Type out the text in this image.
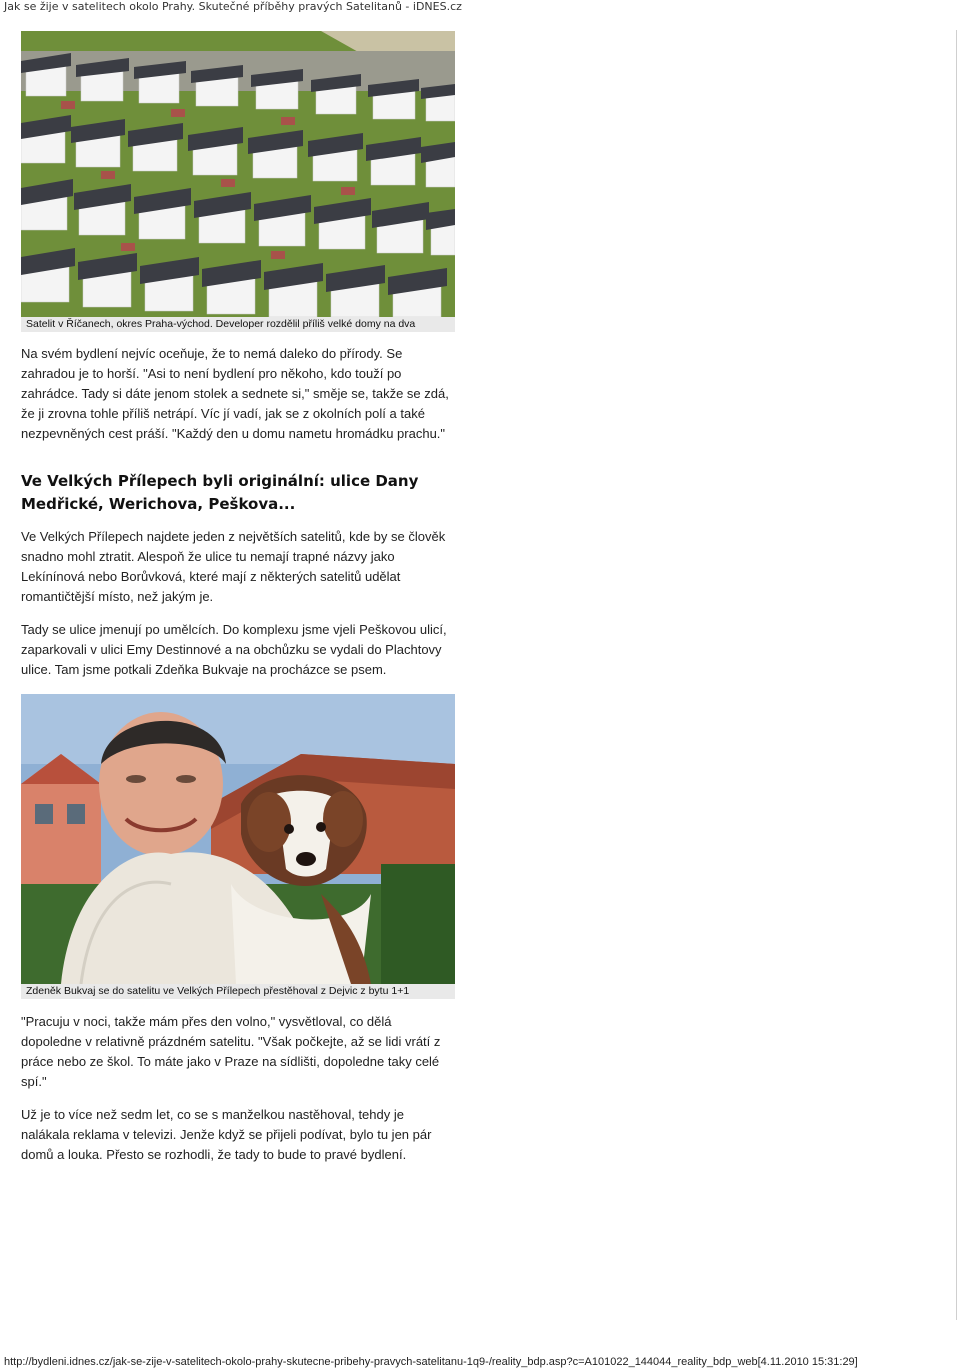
Jak se žije v satelitech okolo Prahy. Skutečné příběhy pravých Satelitanů - iDNES.cz
Satelit v Říčanech, okres Praha-východ. Developer rozdělil příliš velké domy na dva

Na svém bydlení nejvíc oceňuje, že to nemá daleko do přírody. Se zahradou je to horší. "Asi to není bydlení pro někoho, kdo touží po zahrádce. Tady si dáte jenom stolek a sednete si," směje se, takže se zdá, že ji zrovna tohle příliš netrápí. Víc jí vadí, jak se z okolních polí a také nezpevněných cest práší. "Každý den u domu nametu hromádku prachu."

Ve Velkých Přílepech byli originální: ulice Dany Medřické, Werichova, Peškova...

Ve Velkých Přílepech najdete jeden z největších satelitů, kde by se člověk snadno mohl ztratit. Alespoň že ulice tu nemají trapné názvy jako Lekínínová nebo Borůvková, které mají z některých satelitů udělat romantičtější místo, než jakým je.

Tady se ulice jmenují po umělcích. Do komplexu jsme vjeli Peškovou ulicí, zaparkovali v ulici Emy Destinnové a na obchůzku se vydali do Plachtovy ulice. Tam jsme potkali Zdeňka Bukvaje na procházce se psem.

Zdeněk Bukvaj se do satelitu ve Velkých Přílepech přestěhoval z Dejvic z bytu 1+1

"Pracuju v noci, takže mám přes den volno," vysvětloval, co dělá dopoledne v relativně prázdném satelitu. "Však počkejte, až se lidi vrátí z práce nebo ze škol. To máte jako v Praze na sídlišti, dopoledne taky celé spí."

Už je to více než sedm let, co se s manželkou nastěhoval, tehdy je nalákala reklama v televizi. Jenže když se přijeli podívat, bylo tu jen pár domů a louka. Přesto se rozhodli, že tady to bude to pravé bydlení.

http://bydleni.idnes.cz/jak-se-zije-v-satelitech-okolo-prahy-skutecne-pribehy-pravych-satelitanu-1q9-/reality_bdp.asp?c=A101022_144044_reality_bdp_web[4.11.2010 15:31:29]
